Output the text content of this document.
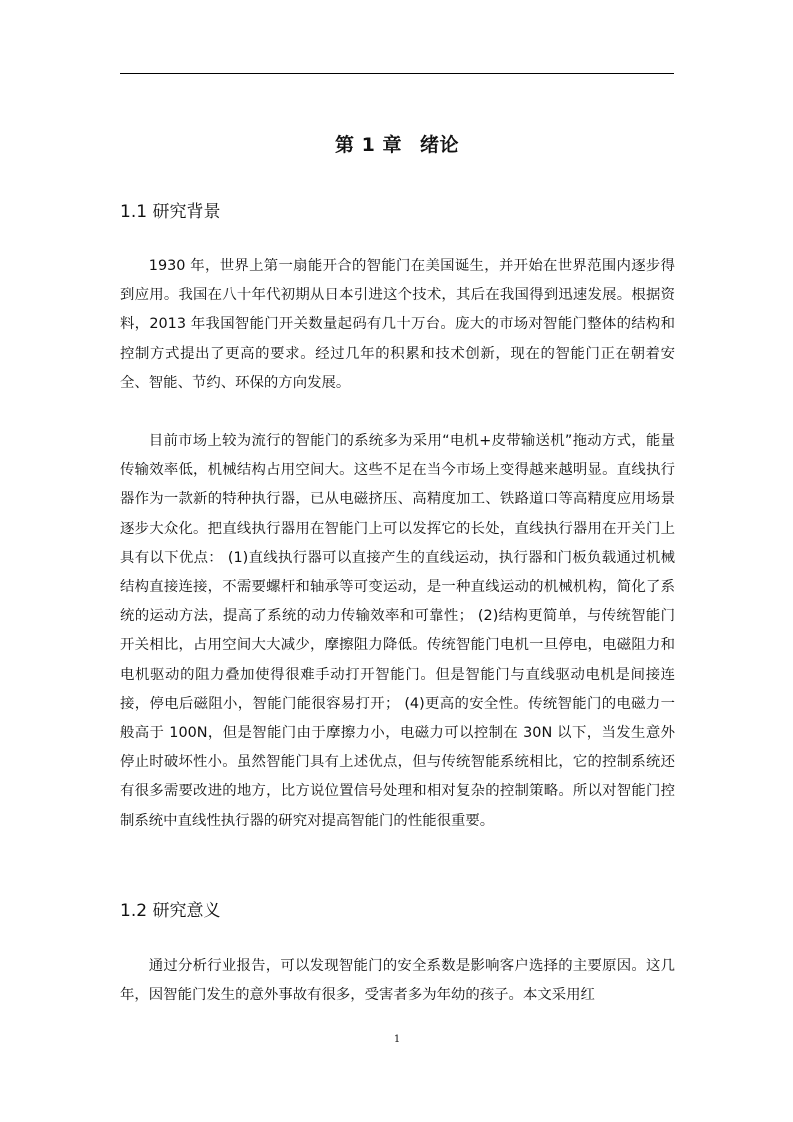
第 1 章 绪论
1.1 研究背景

1930 年，世界上第一扇能开合的智能门在美国诞生，并开始在世界范围内逐步得到应用。我国在八十年代初期从日本引进这个技术，其后在我国得到迅速发展。根据资料，2013 年我国智能门开关数量起码有几十万台。庞大的市场对智能门整体的结构和控制方式提出了更高的要求。经过几年的积累和技术创新，现在的智能门正在朝着安全、智能、节约、环保的方向发展。

目前市场上较为流行的智能门的系统多为采用“电机+皮带输送机”拖动方式，能量传输效率低，机械结构占用空间大。这些不足在当今市场上变得越来越明显。直线执行器作为一款新的特种执行器，已从电磁挤压、高精度加工、铁路道口等高精度应用场景逐步大众化。把直线执行器用在智能门上可以发挥它的长处，直线执行器用在开关门上具有以下优点： (1)直线执行器可以直接产生的直线运动，执行器和门板负载通过机械结构直接连接，不需要螺杆和轴承等可变运动，是一种直线运动的机械机构，简化了系统的运动方法，提高了系统的动力传输效率和可靠性； (2)结构更简单，与传统智能门开关相比，占用空间大大减少，摩擦阻力降低。传统智能门电机一旦停电，电磁阻力和电机驱动的阻力叠加使得很难手动打开智能门。但是智能门与直线驱动电机是间接连接，停电后磁阻小，智能门能很容易打开； (4)更高的安全性。传统智能门的电磁力一般高于 100N，但是智能门由于摩擦力小，电磁力可以控制在 30N 以下，当发生意外停止时破坏性小。虽然智能门具有上述优点，但与传统智能系统相比，它的控制系统还有很多需要改进的地方，比方说位置信号处理和相对复杂的控制策略。所以对智能门控制系统中直线性执行器的研究对提高智能门的性能很重要。

1.2 研究意义

通过分析行业报告，可以发现智能门的安全系数是影响客户选择的主要原因。这几年，因智能门发生的意外事故有很多，受害者多为年幼的孩子。本文采用红

1
